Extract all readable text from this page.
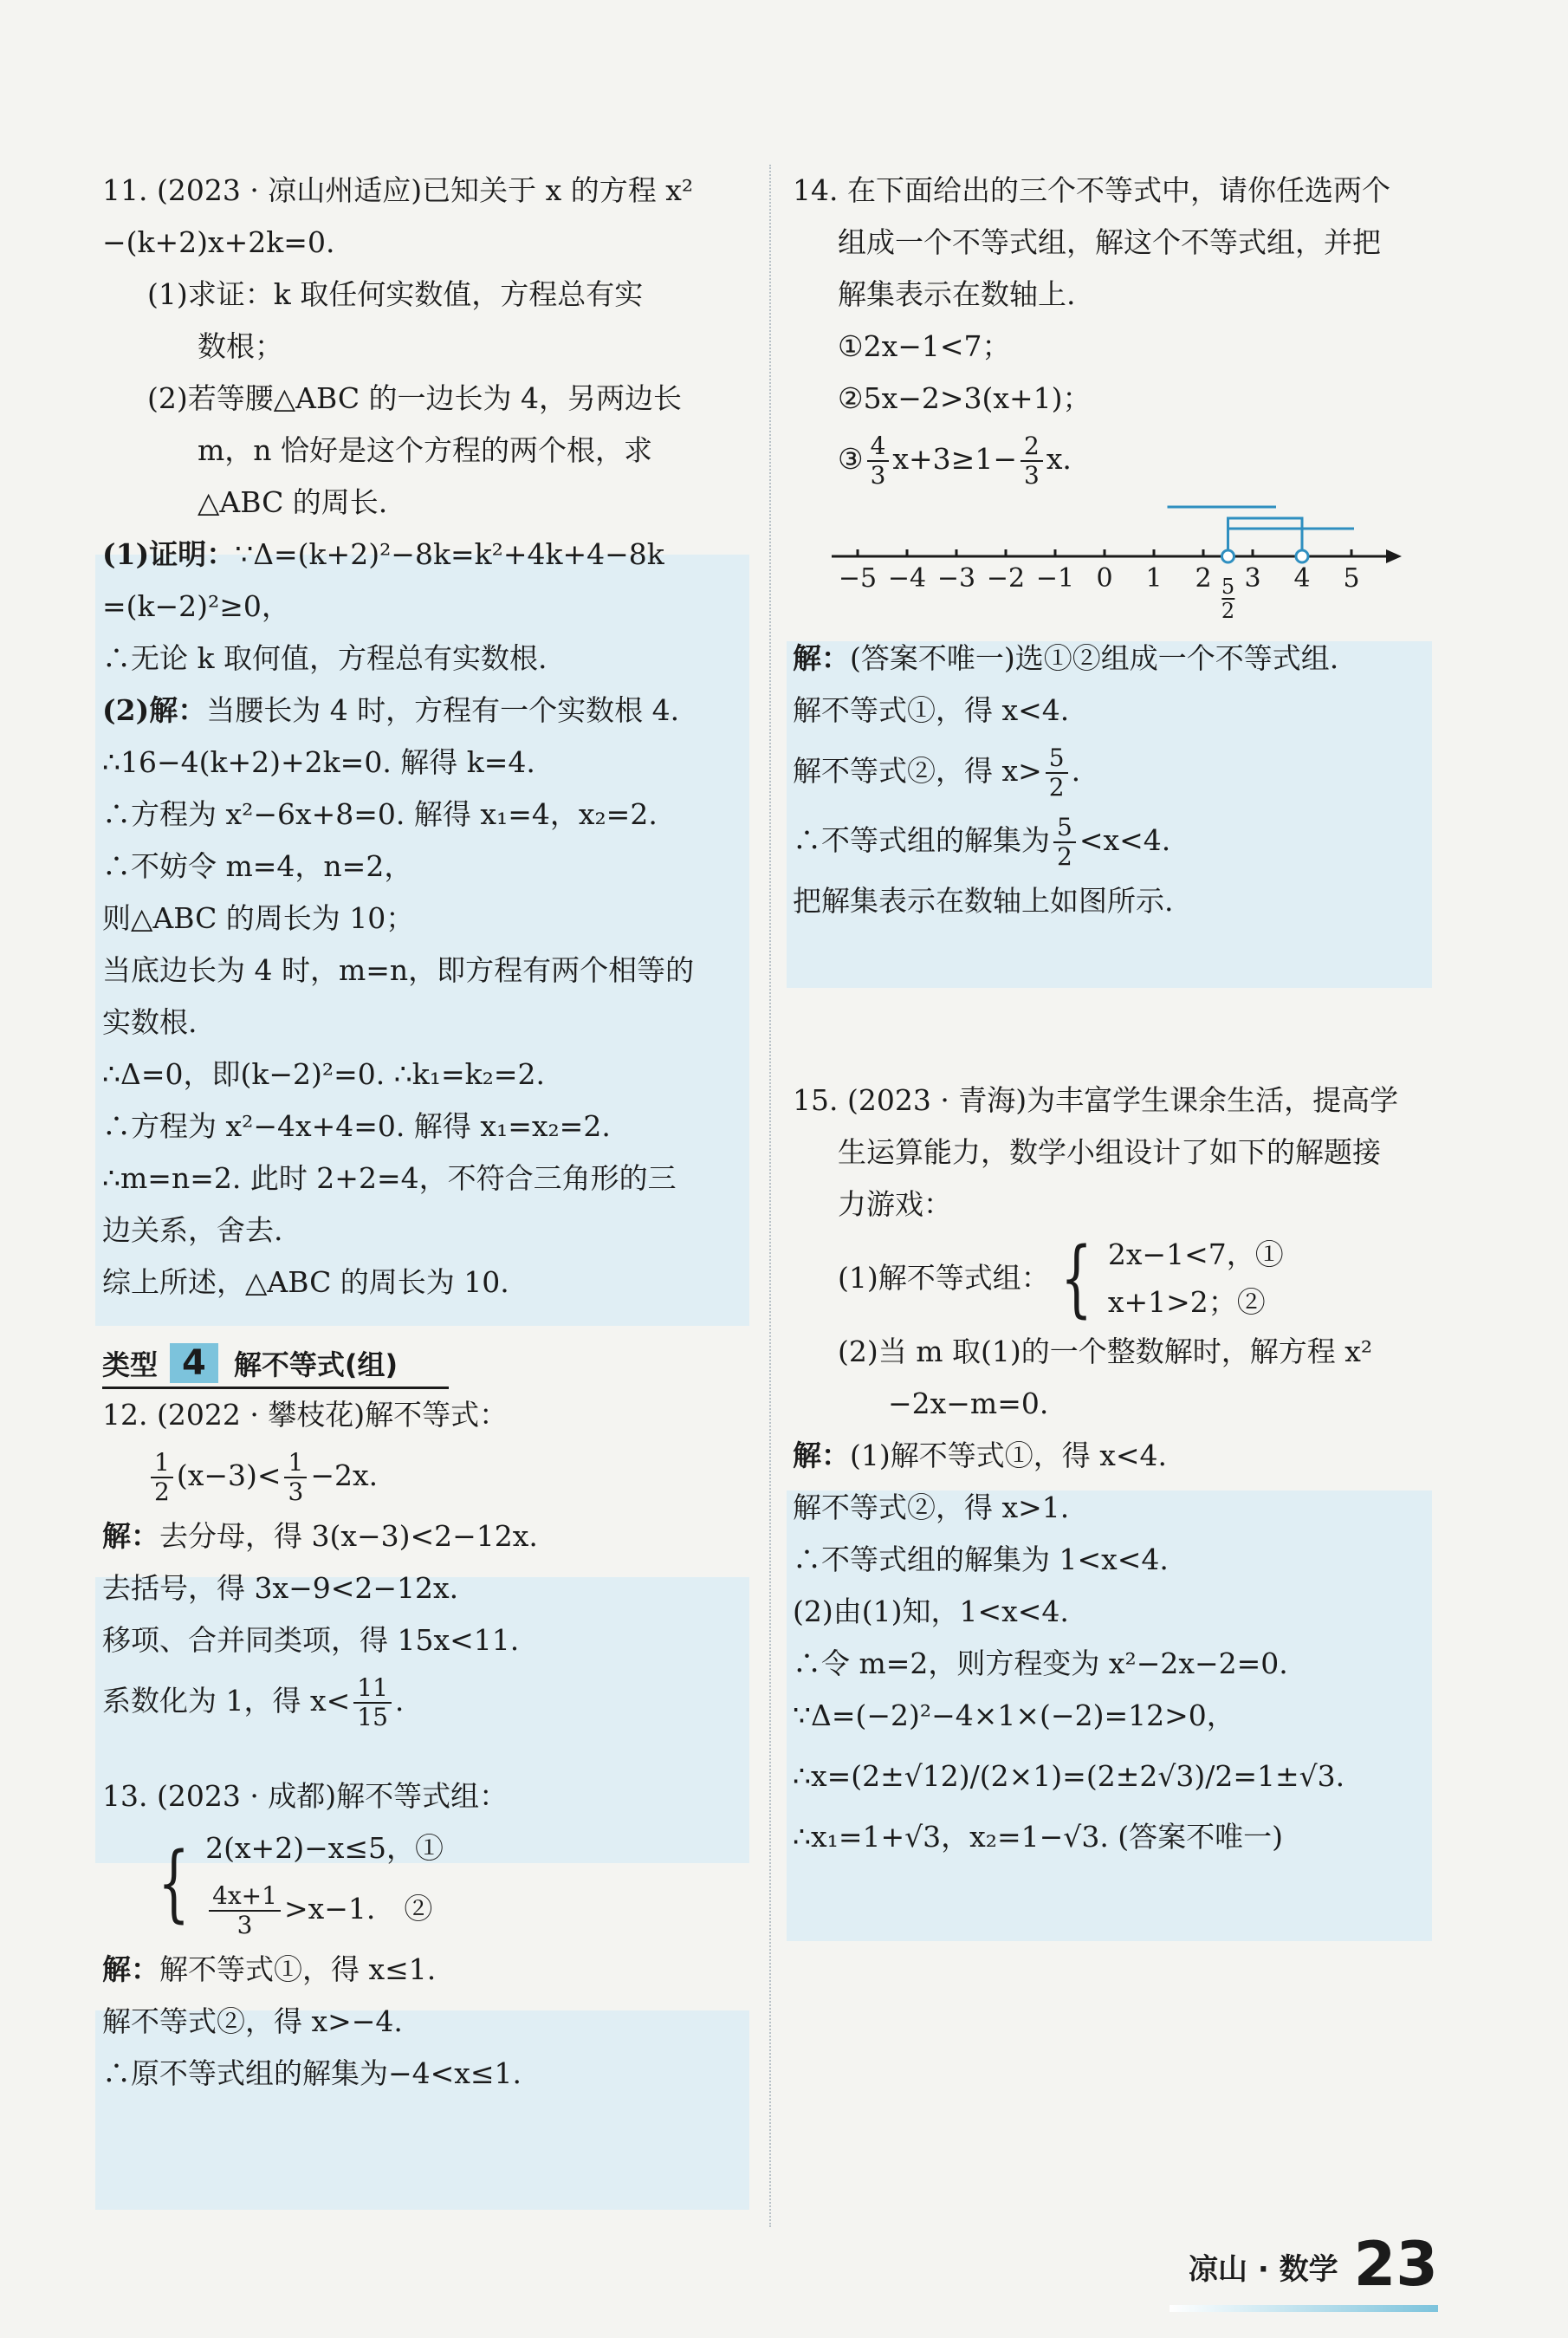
11. (2023 · 凉山州适应)已知关于 x 的方程 x²
−(k+2)x+2k=0.
(1)求证：k 取任何实数值，方程总有实
数根；
(2)若等腰△ABC 的一边长为 4，另两边长
m，n 恰好是这个方程的两个根，求
△ABC 的周长.
(1)证明：∵Δ=(k+2)²−8k=k²+4k+4−8k
=(k−2)²≥0，
∴无论 k 取何值，方程总有实数根.
(2)解：当腰长为 4 时，方程有一个实数根 4.
∴16−4(k+2)+2k=0. 解得 k=4.
∴方程为 x²−6x+8=0. 解得 x₁=4，x₂=2.
∴不妨令 m=4，n=2，
则△ABC 的周长为 10；
当底边长为 4 时，m=n，即方程有两个相等的
实数根.
∴Δ=0，即(k−2)²=0. ∴k₁=k₂=2.
∴方程为 x²−4x+4=0. 解得 x₁=x₂=2.
∴m=n=2. 此时 2+2=4，不符合三角形的三
边关系，舍去.
综上所述，△ABC 的周长为 10.
类型 4	解不等式(组)
12. (2022 · 攀枝花)解不等式：
$\frac{1}{2} (x-3)< \frac{1}{3} -2x$.
解：去分母，得 3(x−3)<2−12x.
去括号，得 3x−9<2−12x.
移项、合并同类项，得 15x<11.
系数化为 1，得 $x< \frac{11}{15}$ .
13. (2023 · 成都)解不等式组：
{ 2(x+2)−x≤5，①
$\frac{4x+1}{3} >x-1$.　②
解：解不等式①，得 x≤1.
解不等式②，得 x>−4.
∴原不等式组的解集为−4<x≤1.
14. 在下面给出的三个不等式中，请你任选两个
组成一个不等式组，解这个不等式组，并把
解集表示在数轴上.
①2x−1<7；
②5x−2>3(x+1)；
③ $\frac{4}{3} x+3\ge 1- \frac{2}{3} x$.
−5 −4 −3 −2 −1 0 1 2 3 4 5
$\frac{5}{2}$
解：(答案不唯一)选①②组成一个不等式组.
解不等式①，得 x<4.
解不等式②，得 $x> \frac{5}{2}$ .
∴不等式组的解集为 $\frac{5}{2} <x<4$.
把解集表示在数轴上如图所示.
15. (2023 · 青海)为丰富学生课余生活，提高学
生运算能力，数学小组设计了如下的解题接
力游戏：
(1)解不等式组： { 2x−1<7，①
x+1>2；②
(2)当 m 取(1)的一个整数解时，解方程 x²
−2x−m=0.
解：(1)解不等式①，得 x<4.
解不等式②，得 x>1.
∴不等式组的解集为 1<x<4.
(2)由(1)知，1<x<4.
∴令 m=2，则方程变为 x²−2x−2=0.
∵Δ=(−2)²−4×1×(−2)=12>0，
∴x=(2±√12)/(2×1)=(2±2√3)/2=1±√3.
∴x₁=1+√3，x₂=1−√3. (答案不唯一)
凉山 · 数学 23
